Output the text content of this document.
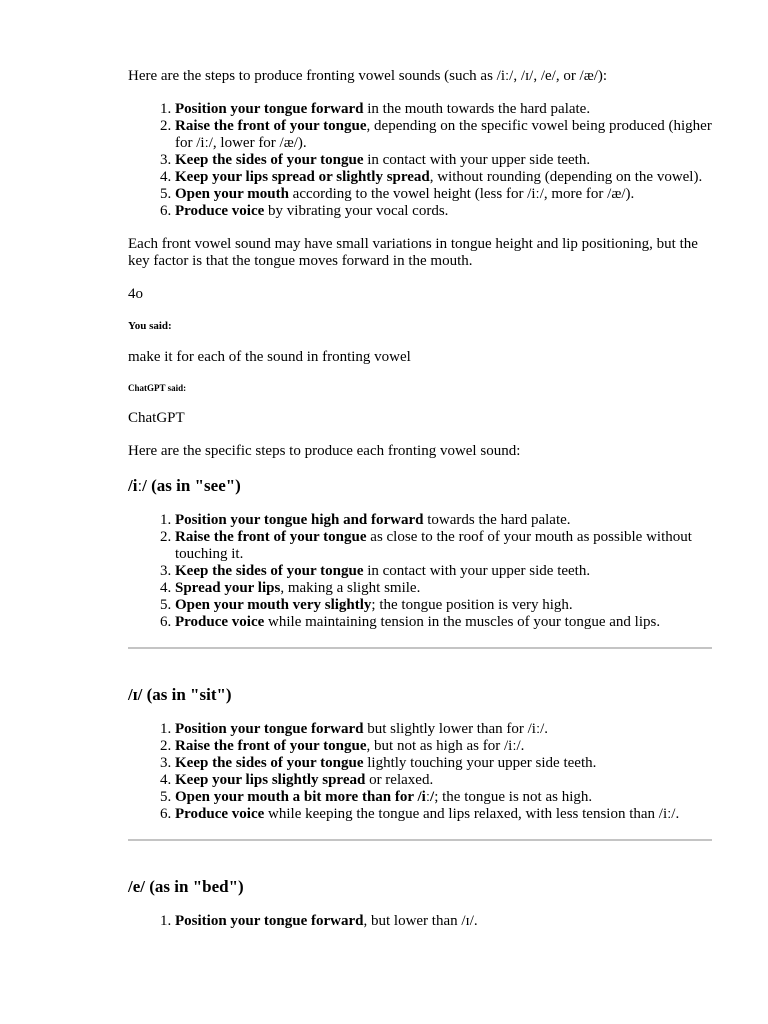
Here are the steps to produce fronting vowel sounds (such as /iː/, /ɪ/, /e/, or /æ/):

1. Position your tongue forward in the mouth towards the hard palate.
2. Raise the front of your tongue, depending on the specific vowel being produced (higher for /iː/, lower for /æ/).
3. Keep the sides of your tongue in contact with your upper side teeth.
4. Keep your lips spread or slightly spread, without rounding (depending on the vowel).
5. Open your mouth according to the vowel height (less for /iː/, more for /æ/).
6. Produce voice by vibrating your vocal cords.

Each front vowel sound may have small variations in tongue height and lip positioning, but the key factor is that the tongue moves forward in the mouth.

4o

You said:

make it for each of the sound in fronting vowel

ChatGPT said:

ChatGPT

Here are the specific steps to produce each fronting vowel sound:

/iː/ (as in "see")
1. Position your tongue high and forward towards the hard palate.
2. Raise the front of your tongue as close to the roof of your mouth as possible without touching it.
3. Keep the sides of your tongue in contact with your upper side teeth.
4. Spread your lips, making a slight smile.
5. Open your mouth very slightly; the tongue position is very high.
6. Produce voice while maintaining tension in the muscles of your tongue and lips.
/ɪ/ (as in "sit")
1. Position your tongue forward but slightly lower than for /iː/.
2. Raise the front of your tongue, but not as high as for /iː/.
3. Keep the sides of your tongue lightly touching your upper side teeth.
4. Keep your lips slightly spread or relaxed.
5. Open your mouth a bit more than for /iː/; the tongue is not as high.
6. Produce voice while keeping the tongue and lips relaxed, with less tension than /iː/.
/e/ (as in "bed")
1. Position your tongue forward, but lower than /ɪ/.
